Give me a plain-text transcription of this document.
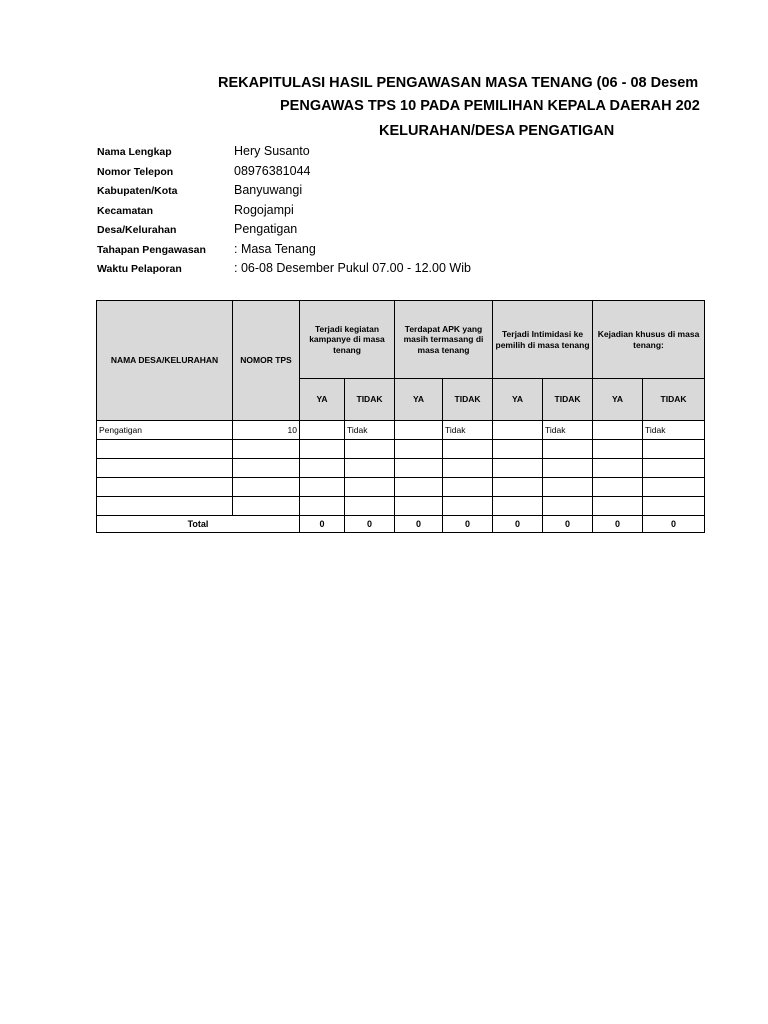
REKAPITULASI HASIL PENGAWASAN MASA TENANG (06 - 08 Desem
PENGAWAS TPS 10 PADA PEMILIHAN KEPALA DAERAH 202
KELURAHAN/DESA PENGATIGAN
Nama Lengkap	Hery Susanto
Nomor Telepon	08976381044
Kabupaten/Kota	Banyuwangi
Kecamatan	Rogojampi
Desa/Kelurahan	Pengatigan
Tahapan Pengawasan : Masa Tenang
Waktu Pelaporan	: 06-08 Desember Pukul 07.00 - 12.00 Wib
NAMA DESA/KELURAHAN	NOMOR TPS	Terjadi kegiatan kampanye di masa tenang		Terdapat APK yang masih termasang di masa tenang		Terjadi Intimidasi ke pemilih di masa tenang		Kejadian khusus di masa tenang:	
		YA	TIDAK	YA	TIDAK	YA	TIDAK	YA	TIDAK
Pengatigan	10		Tidak		Tidak		Tidak		Tidak

Total		0	0	0	0	0	0	0	0
